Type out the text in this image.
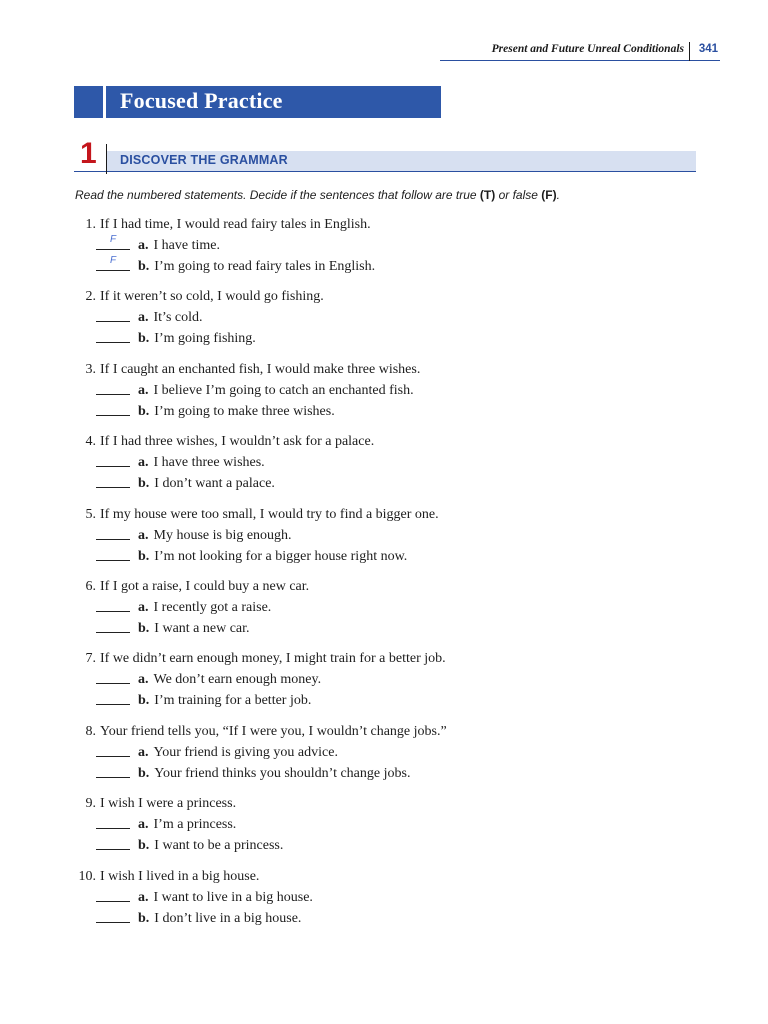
Present and Future Unreal Conditionals 341
Focused Practice
1	DISCOVER THE GRAMMAR
Read the numbered statements. Decide if the sentences that follow are true (T) or false (F).
1. If I had time, I would read fairy tales in English.
F	a. I have time.
F	b. I’m going to read fairy tales in English.
2. If it weren’t so cold, I would go fishing.
a. It’s cold.
b. I’m going fishing.
3. If I caught an enchanted fish, I would make three wishes.
a. I believe I’m going to catch an enchanted fish.
b. I’m going to make three wishes.
4. If I had three wishes, I wouldn’t ask for a palace.
a. I have three wishes.
b. I don’t want a palace.
5. If my house were too small, I would try to find a bigger one.
a. My house is big enough.
b. I’m not looking for a bigger house right now.
6. If I got a raise, I could buy a new car.
a. I recently got a raise.
b. I want a new car.
7. If we didn’t earn enough money, I might train for a better job.
a. We don’t earn enough money.
b. I’m training for a better job.
8. Your friend tells you, “If I were you, I wouldn’t change jobs.”
a. Your friend is giving you advice.
b. Your friend thinks you shouldn’t change jobs.
9. I wish I were a princess.
a. I’m a princess.
b. I want to be a princess.
10. I wish I lived in a big house.
a. I want to live in a big house.
b. I don’t live in a big house.
